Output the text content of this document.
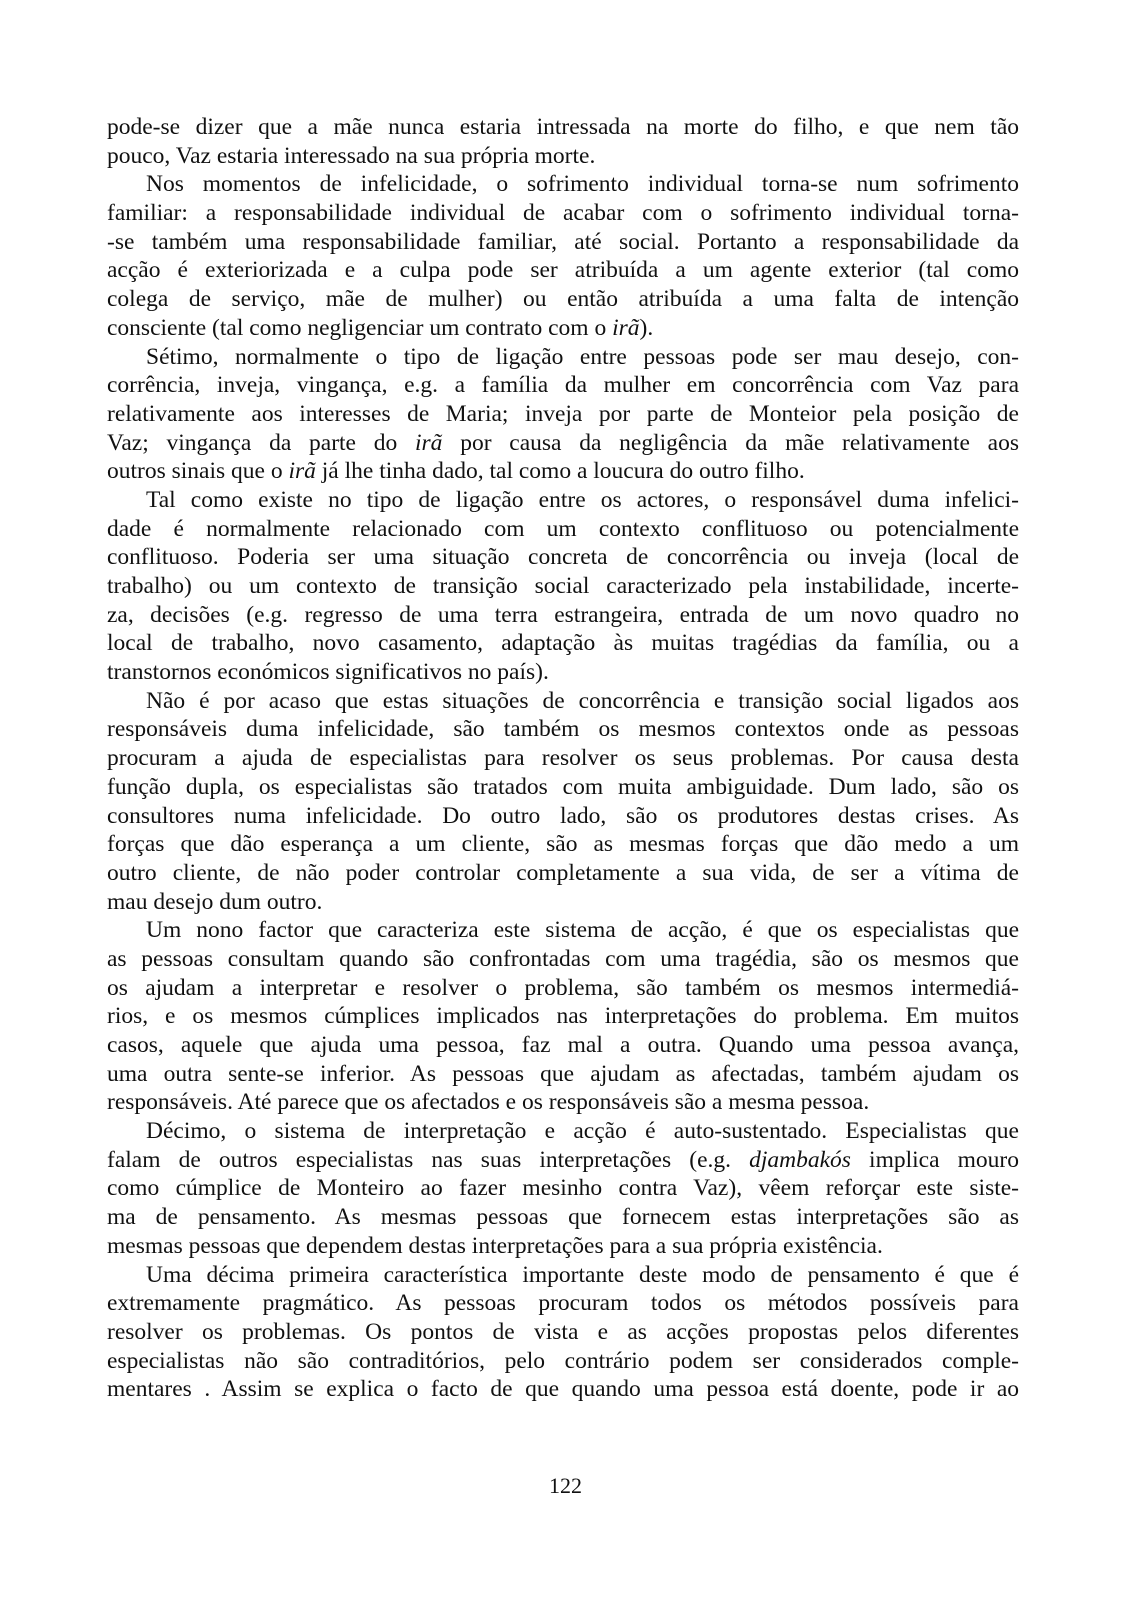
pode-se dizer que a mãe nunca estaria intressada na morte do filho, e que nem tão
pouco, Vaz estaria interessado na sua própria morte.
Nos momentos de infelicidade, o sofrimento individual torna-se num sofrimento
familiar: a responsabilidade individual de acabar com o sofrimento individual torna-
-se também uma responsabilidade familiar, até social. Portanto a responsabilidade da
acção é exteriorizada e a culpa pode ser atribuída a um agente exterior (tal como
colega de serviço, mãe de mulher) ou então atribuída a uma falta de intenção
consciente (tal como negligenciar um contrato com o irã).
Sétimo, normalmente o tipo de ligação entre pessoas pode ser mau desejo, con-
corrência, inveja, vingança, e.g. a família da mulher em concorrência com Vaz para
relativamente aos interesses de Maria; inveja por parte de Monteior pela posição de
Vaz; vingança da parte do irã por causa da negligência da mãe relativamente aos
outros sinais que o irã já lhe tinha dado, tal como a loucura do outro filho.
Tal como existe no tipo de ligação entre os actores, o responsável duma infelici-
dade é normalmente relacionado com um contexto conflituoso ou potencialmente
conflituoso. Poderia ser uma situação concreta de concorrência ou inveja (local de
trabalho) ou um contexto de transição social caracterizado pela instabilidade, incerte-
za, decisões (e.g. regresso de uma terra estrangeira, entrada de um novo quadro no
local de trabalho, novo casamento, adaptação às muitas tragédias da família, ou a
transtornos económicos significativos no país).
Não é por acaso que estas situações de concorrência e transição social ligados aos
responsáveis duma infelicidade, são também os mesmos contextos onde as pessoas
procuram a ajuda de especialistas para resolver os seus problemas. Por causa desta
função dupla, os especialistas são tratados com muita ambiguidade. Dum lado, são os
consultores numa infelicidade. Do outro lado, são os produtores destas crises. As
forças que dão esperança a um cliente, são as mesmas forças que dão medo a um
outro cliente, de não poder controlar completamente a sua vida, de ser a vítima de
mau desejo dum outro.
Um nono factor que caracteriza este sistema de acção, é que os especialistas que
as pessoas consultam quando são confrontadas com uma tragédia, são os mesmos que
os ajudam a interpretar e resolver o problema, são também os mesmos intermediá-
rios, e os mesmos cúmplices implicados nas interpretações do problema. Em muitos
casos, aquele que ajuda uma pessoa, faz mal a outra. Quando uma pessoa avança,
uma outra sente-se inferior. As pessoas que ajudam as afectadas, também ajudam os
responsáveis. Até parece que os afectados e os responsáveis são a mesma pessoa.
Décimo, o sistema de interpretação e acção é auto-sustentado. Especialistas que
falam de outros especialistas nas suas interpretações (e.g. djambakós implica mouro
como cúmplice de Monteiro ao fazer mesinho contra Vaz), vêem reforçar este siste-
ma de pensamento. As mesmas pessoas que fornecem estas interpretações são as
mesmas pessoas que dependem destas interpretações para a sua própria existência.
Uma décima primeira característica importante deste modo de pensamento é que é
extremamente pragmático. As pessoas procuram todos os métodos possíveis para
resolver os problemas. Os pontos de vista e as acções propostas pelos diferentes
especialistas não são contraditórios, pelo contrário podem ser considerados comple-
mentares . Assim se explica o facto de que quando uma pessoa está doente, pode ir ao
122
